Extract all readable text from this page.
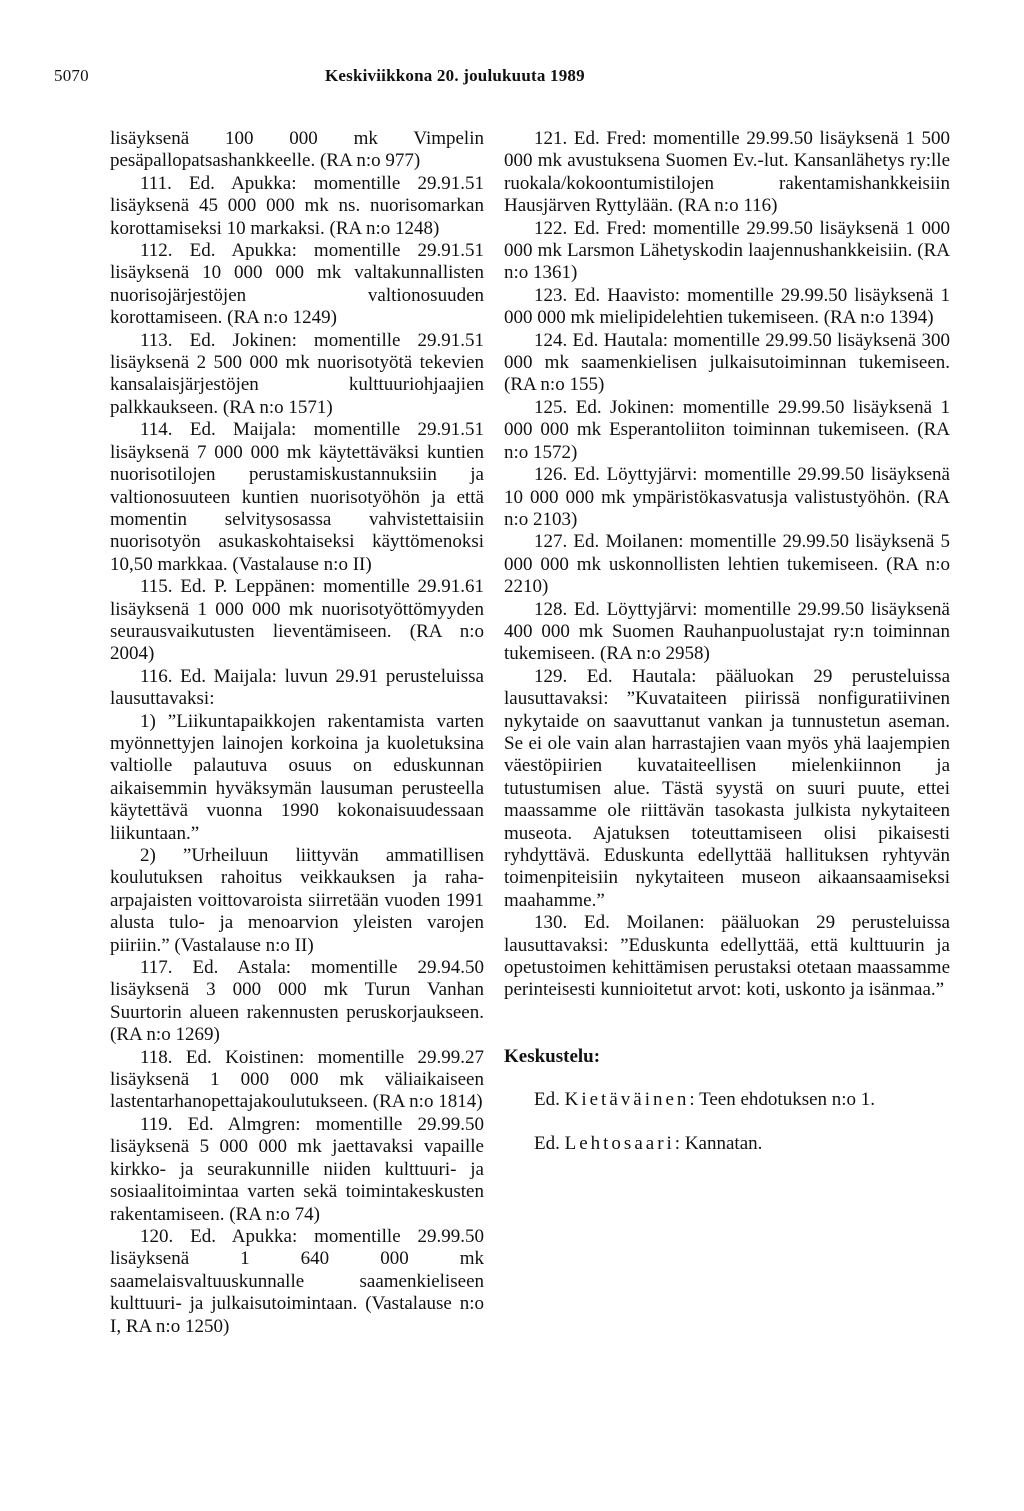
5070	Keskiviikkona 20. joulukuuta 1989

lisäyksenä 100 000 mk Vimpelin pesäpallopatsashankkeelle. (RA n:o 977)

111. Ed. Apukka: momentille 29.91.51 lisäyksenä 45 000 000 mk ns. nuorisomarkan korottamiseksi 10 markaksi. (RA n:o 1248)

112. Ed. Apukka: momentille 29.91.51 lisäyksenä 10 000 000 mk valtakunnallisten nuorisojärjestöjen valtionosuuden korottamiseen. (RA n:o 1249)

113. Ed. Jokinen: momentille 29.91.51 lisäyksenä 2 500 000 mk nuorisotyötä tekevien kansalaisjärjestöjen kulttuuriohjaajien palkkaukseen. (RA n:o 1571)

114. Ed. Maijala: momentille 29.91.51 lisäyksenä 7 000 000 mk käytettäväksi kuntien nuorisotilojen perustamiskustannuksiin ja valtionosuuteen kuntien nuorisotyöhön ja että momentin selvitysosassa vahvistettaisiin nuorisotyön asukaskohtaiseksi käyttömenoksi 10,50 markkaa. (Vastalause n:o II)

115. Ed. P. Leppänen: momentille 29.91.61 lisäyksenä 1 000 000 mk nuorisotyöttömyyden seurausvaikutusten lieventämiseen. (RA n:o 2004)

116. Ed. Maijala: luvun 29.91 perusteluissa lausuttavaksi:

1) ”Liikuntapaikkojen rakentamista varten myönnettyjen lainojen korkoina ja kuoletuksina valtiolle palautuva osuus on eduskunnan aikaisemmin hyväksymän lausuman perusteella käytettävä vuonna 1990 kokonaisuudessaan liikuntaan.”

2) ”Urheiluun liittyvän ammatillisen koulutuksen rahoitus veikkauksen ja raha-arpajaisten voittovaroista siirretään vuoden 1991 alusta tulo- ja menoarvion yleisten varojen piiriin.” (Vastalause n:o II)

117. Ed. Astala: momentille 29.94.50 lisäyksenä 3 000 000 mk Turun Vanhan Suurtorin alueen rakennusten peruskorjaukseen. (RA n:o 1269)

118. Ed. Koistinen: momentille 29.99.27 lisäyksenä 1 000 000 mk väliaikaiseen lastentarhanopettajakoulutukseen. (RA n:o 1814)

119. Ed. Almgren: momentille 29.99.50 lisäyksenä 5 000 000 mk jaettavaksi vapaille kirkko- ja seurakunnille niiden kulttuuri- ja sosiaalitoimintaa varten sekä toimintakeskusten rakentamiseen. (RA n:o 74)

120. Ed. Apukka: momentille 29.99.50 lisäyksenä 1 640 000 mk saamelaisvaltuuskunnalle saamenkieliseen kulttuuri- ja julkaisutoimintaan. (Vastalause n:o I, RA n:o 1250)

121. Ed. Fred: momentille 29.99.50 lisäyksenä 1 500 000 mk avustuksena Suomen Ev.-lut. Kansanlähetys ry:lle ruokala/kokoontumistilojen rakentamishankkeisiin Hausjärven Ryttylään. (RA n:o 116)

122. Ed. Fred: momentille 29.99.50 lisäyksenä 1 000 000 mk Larsmon Lähetyskodin laajennushankkeisiin. (RA n:o 1361)

123. Ed. Haavisto: momentille 29.99.50 lisäyksenä 1 000 000 mk mielipidelehtien tukemiseen. (RA n:o 1394)

124. Ed. Hautala: momentille 29.99.50 lisäyksenä 300 000 mk saamenkielisen julkaisutoiminnan tukemiseen. (RA n:o 155)

125. Ed. Jokinen: momentille 29.99.50 lisäyksenä 1 000 000 mk Esperantoliiton toiminnan tukemiseen. (RA n:o 1572)

126. Ed. Löyttyjärvi: momentille 29.99.50 lisäyksenä 10 000 000 mk ympäristökasvatusja valistustyöhön. (RA n:o 2103)

127. Ed. Moilanen: momentille 29.99.50 lisäyksenä 5 000 000 mk uskonnollisten lehtien tukemiseen. (RA n:o 2210)

128. Ed. Löyttyjärvi: momentille 29.99.50 lisäyksenä 400 000 mk Suomen Rauhanpuolustajat ry:n toiminnan tukemiseen. (RA n:o 2958)

129. Ed. Hautala: pääluokan 29 perusteluissa lausuttavaksi: ”Kuvataiteen piirissä nonfiguratiivinen nykytaide on saavuttanut vankan ja tunnustetun aseman. Se ei ole vain alan harrastajien vaan myös yhä laajempien väestöpiirien kuvataiteellisen mielenkiinnon ja tutustumisen alue. Tästä syystä on suuri puute, ettei maassamme ole riittävän tasokasta julkista nykytaiteen museota. Ajatuksen toteuttamiseen olisi pikaisesti ryhdyttävä. Eduskunta edellyttää hallituksen ryhtyvän toimenpiteisiin nykytaiteen museon aikaansaamiseksi maahamme.”

130. Ed. Moilanen: pääluokan 29 perusteluissa lausuttavaksi: ”Eduskunta edellyttää, että kulttuurin ja opetustoimen kehittämisen perustaksi otetaan maassamme perinteisesti kunnioitetut arvot: koti, uskonto ja isänmaa.”

Keskustelu:

Ed. Kietäväinen: Teen ehdotuksen n:o 1.

Ed. Lehtosaari: Kannatan.
